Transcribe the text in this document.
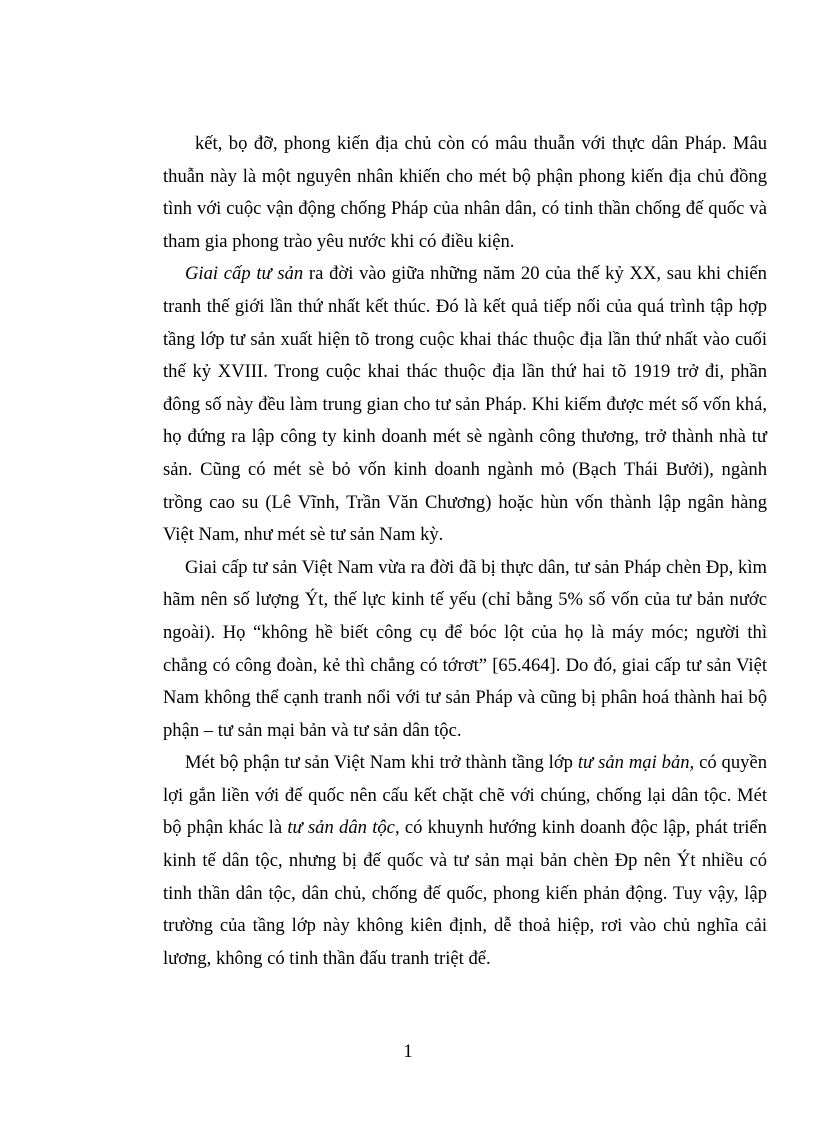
kết, bọ đỡ, phong kiến địa chủ còn có mâu thuẫn với thực dân Pháp. Mâu thuẫn này là một nguyên nhân khiến cho mét bộ phận phong kiến địa chủ đồng tình với cuộc vận động chống Pháp của nhân dân, có tinh thần chống đế quốc và tham gia phong trào yêu nước khi có điều kiện.

Giai cấp tư sản ra đời vào giữa những năm 20 của thế kỷ XX, sau khi chiến tranh thế giới lần thứ nhất kết thúc. Đó là kết quả tiếp nối của quá trình tập hợp tầng lớp tư sản xuất hiện tõ trong cuộc khai thác thuộc địa lần thứ nhất vào cuối thế kỷ XVIII. Trong cuộc khai thác thuộc địa lần thứ hai tõ 1919 trở đi, phần đông số này đều làm trung gian cho tư sản Pháp. Khi kiếm được mét số vốn khá, họ đứng ra lập công ty kinh doanh mét sè ngành công thương, trở thành nhà tư sản. Cũng có mét sè bỏ vốn kinh doanh ngành mỏ (Bạch Thái Bưởi), ngành trồng cao su (Lê Vĩnh, Trần Văn Chương) hoặc hùn vốn thành lập ngân hàng Việt Nam, như mét sè tư sản Nam kỳ.

Giai cấp tư sản Việt Nam vừa ra đời đã bị thực dân, tư sản Pháp chèn Đp, kìm hãm nên số lượng Ýt, thế lực kinh tế yếu (chỉ bằng 5% số vốn của tư bản nước ngoài). Họ “không hề biết công cụ để bóc lột của họ là máy móc; người thì chẳng có công đoàn, kẻ thì chẳng có tớrơt” [65.464]. Do đó, giai cấp tư sản Việt Nam không thể cạnh tranh nổi với tư sản Pháp và cũng bị phân hoá thành hai bộ phận – tư sản mại bản và tư sản dân tộc.

Mét bộ phận tư sản Việt Nam khi trở thành tầng lớp tư sản mại bản, có quyền lợi gắn liền với đế quốc nên cấu kết chặt chẽ với chúng, chống lại dân tộc. Mét bộ phận khác là tư sản dân tộc, có khuynh hướng kinh doanh độc lập, phát triển kinh tế dân tộc, nhưng bị đế quốc và tư sản mại bản chèn Đp nên Ýt nhiều có tinh thần dân tộc, dân chủ, chống đế quốc, phong kiến phản động. Tuy vậy, lập trường của tầng lớp này không kiên định, dễ thoả hiệp, rơi vào chủ nghĩa cải lương, không có tinh thần đấu tranh triệt để.

1
